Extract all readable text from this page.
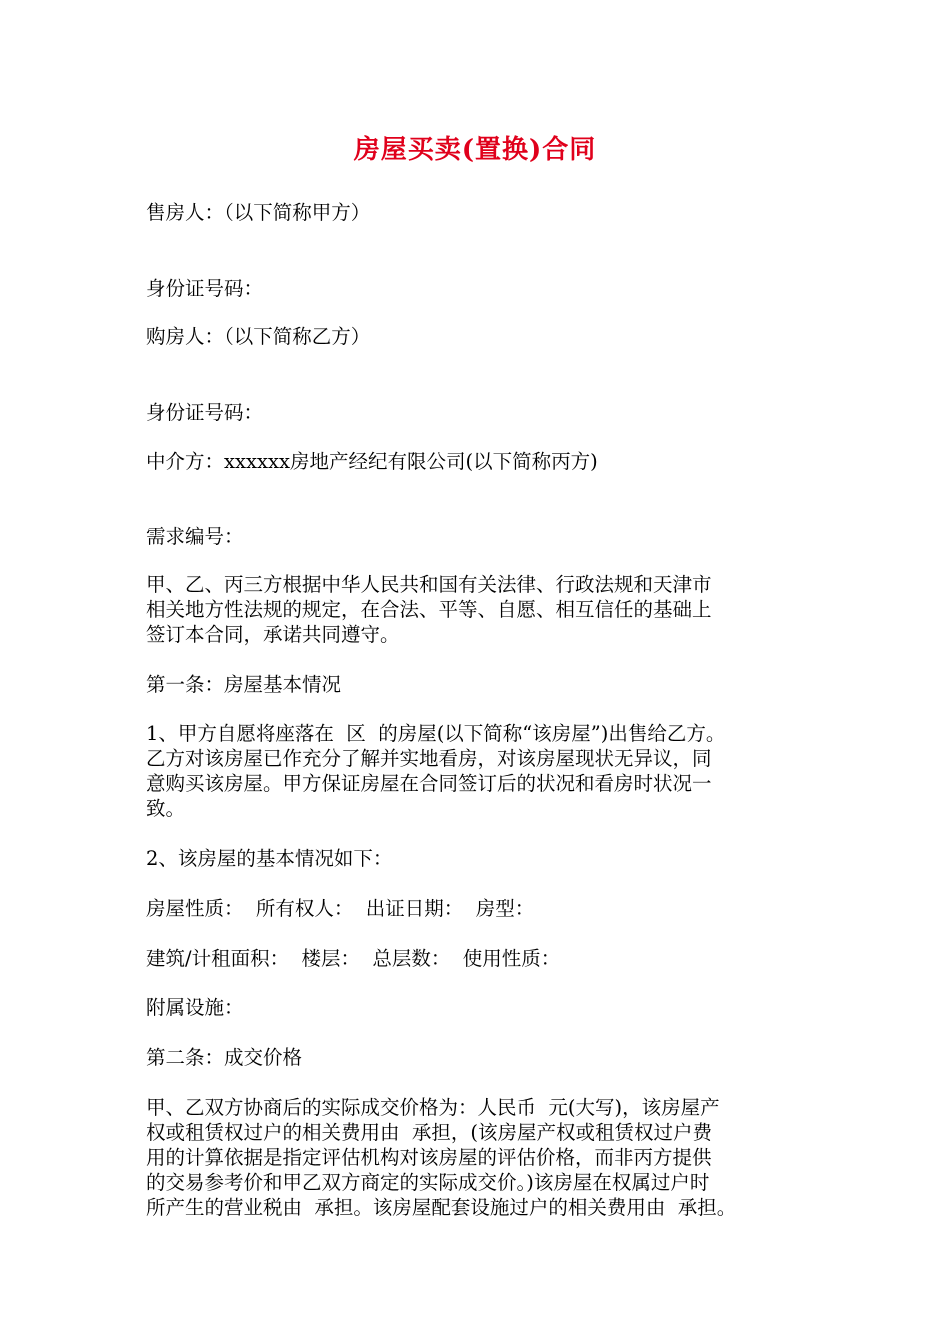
房屋买卖(置换)合同
售房人：（以下简称甲方）
身份证号码：
购房人：（以下简称乙方）
身份证号码：
中介方：xxxxxx房地产经纪有限公司(以下简称丙方)
需求编号：
甲、乙、丙三方根据中华人民共和国有关法律、行政法规和天津市
相关地方性法规的规定，在合法、平等、自愿、相互信任的基础上
签订本合同，承诺共同遵守。
第一条：房屋基本情况
1、甲方自愿将座落在  区  的房屋(以下简称“该房屋”)出售给乙方。
乙方对该房屋已作充分了解并实地看房，对该房屋现状无异议，同
意购买该房屋。甲方保证房屋在合同签订后的状况和看房时状况一
致。
2、该房屋的基本情况如下：
房屋性质：  所有权人：  出证日期：  房型：
建筑/计租面积：  楼层：  总层数：  使用性质：
附属设施：
第二条：成交价格
甲、乙双方协商后的实际成交价格为：人民币  元(大写)，该房屋产
权或租赁权过户的相关费用由  承担，(该房屋产权或租赁权过户费
用的计算依据是指定评估机构对该房屋的评估价格，而非丙方提供
的交易参考价和甲乙双方商定的实际成交价。)该房屋在权属过户时
所产生的营业税由  承担。该房屋配套设施过户的相关费用由  承担。
